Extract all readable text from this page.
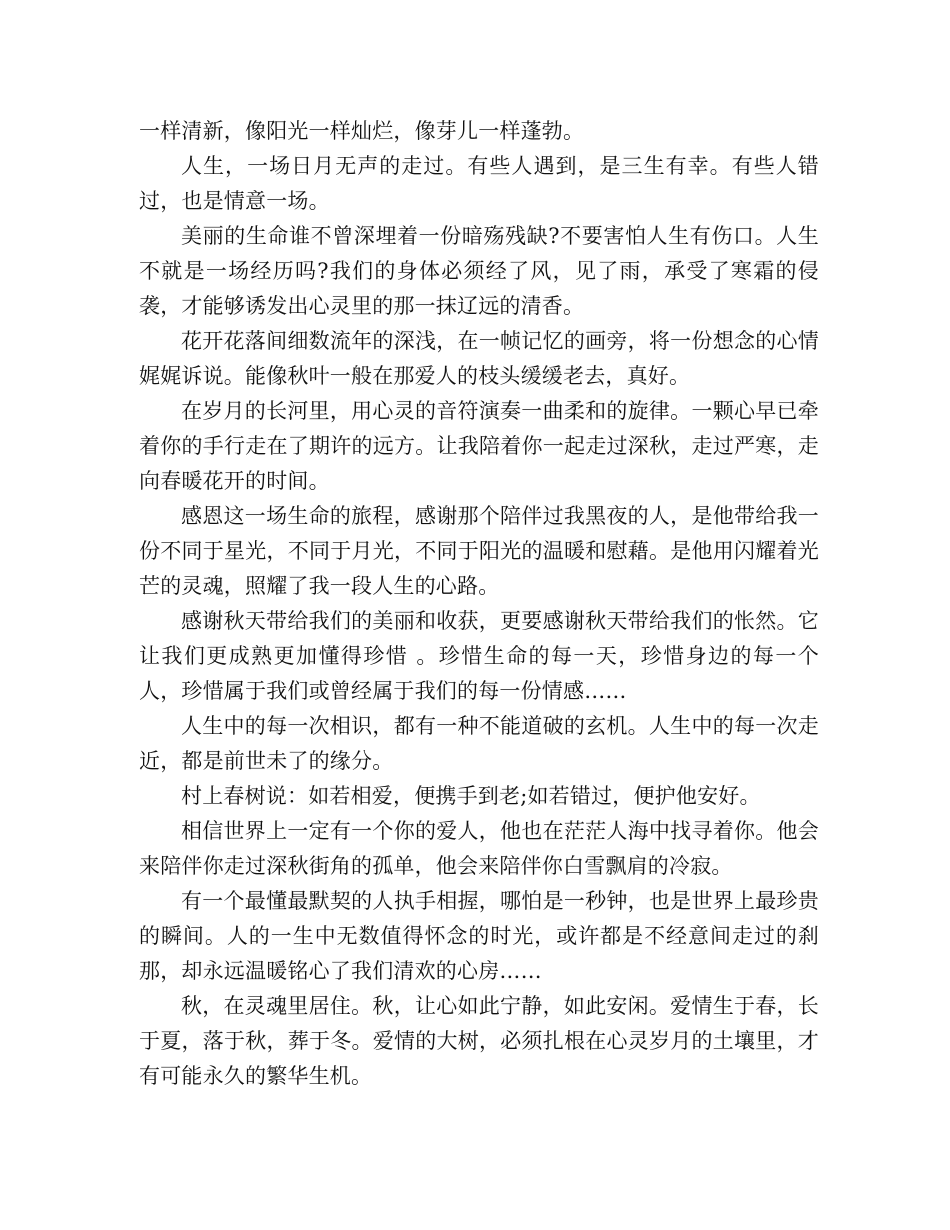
一样清新，像阳光一样灿烂，像芽儿一样蓬勃。

人生，一场日月无声的走过。有些人遇到，是三生有幸。有些人错过，也是情意一场。

美丽的生命谁不曾深埋着一份暗殇残缺?不要害怕人生有伤口。人生不就是一场经历吗?我们的身体必须经了风，见了雨，承受了寒霜的侵袭，才能够诱发出心灵里的那一抹辽远的清香。

花开花落间细数流年的深浅，在一帧记忆的画旁，将一份想念的心情娓娓诉说。能像秋叶一般在那爱人的枝头缓缓老去，真好。

在岁月的长河里，用心灵的音符演奏一曲柔和的旋律。一颗心早已牵着你的手行走在了期许的远方。让我陪着你一起走过深秋，走过严寒，走向春暖花开的时间。

感恩这一场生命的旅程，感谢那个陪伴过我黑夜的人，是他带给我一份不同于星光，不同于月光，不同于阳光的温暖和慰藉。是他用闪耀着光芒的灵魂，照耀了我一段人生的心路。

感谢秋天带给我们的美丽和收获，更要感谢秋天带给我们的怅然。它让我们更成熟更加懂得珍惜 。珍惜生命的每一天，珍惜身边的每一个人，珍惜属于我们或曾经属于我们的每一份情感……

人生中的每一次相识，都有一种不能道破的玄机。人生中的每一次走近，都是前世未了的缘分。

村上春树说：如若相爱，便携手到老;如若错过，便护他安好。

相信世界上一定有一个你的爱人，他也在茫茫人海中找寻着你。他会来陪伴你走过深秋街角的孤单，他会来陪伴你白雪飘肩的冷寂。

有一个最懂最默契的人执手相握，哪怕是一秒钟，也是世界上最珍贵的瞬间。人的一生中无数值得怀念的时光，或许都是不经意间走过的刹那，却永远温暖铭心了我们清欢的心房……

秋，在灵魂里居住。秋，让心如此宁静，如此安闲。爱情生于春，长于夏，落于秋，葬于冬。爱情的大树，必须扎根在心灵岁月的土壤里，才有可能永久的繁华生机。
